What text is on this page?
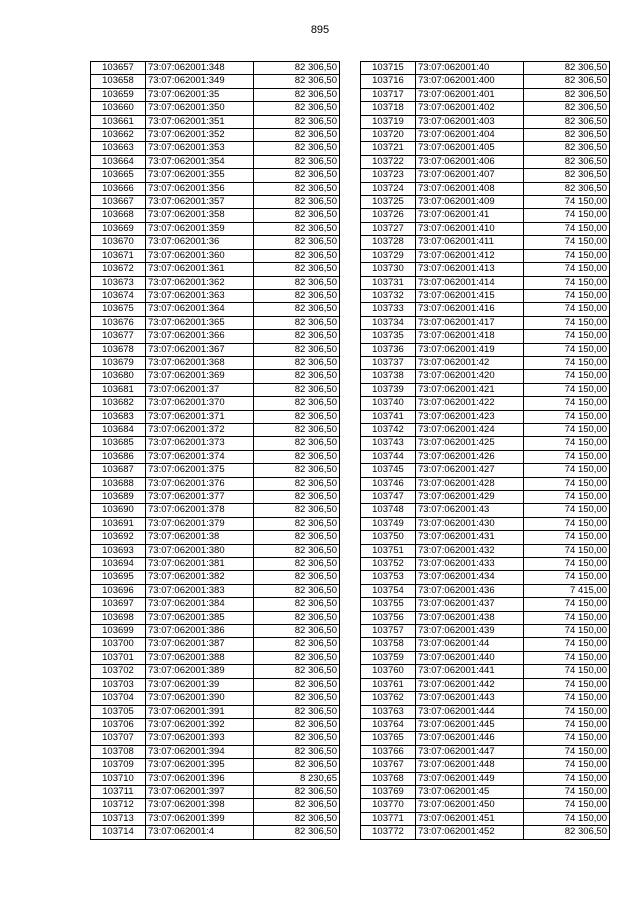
895
103657	73:07:062001:348	82 306,50
103658	73:07:062001:349	82 306,50
103659	73:07:062001:35	82 306,50
103660	73:07:062001:350	82 306,50
103661	73:07:062001:351	82 306,50
103662	73:07:062001:352	82 306,50
103663	73:07:062001:353	82 306,50
103664	73:07:062001:354	82 306,50
103665	73:07:062001:355	82 306,50
103666	73:07:062001:356	82 306,50
103667	73:07:062001:357	82 306,50
103668	73:07:062001:358	82 306,50
103669	73:07:062001:359	82 306,50
103670	73:07:062001:36	82 306,50
103671	73:07:062001:360	82 306,50
103672	73:07:062001:361	82 306,50
103673	73:07:062001:362	82 306,50
103674	73:07:062001:363	82 306,50
103675	73:07:062001:364	82 306,50
103676	73:07:062001:365	82 306,50
103677	73:07:062001:366	82 306,50
103678	73:07:062001:367	82 306,50
103679	73:07:062001:368	82 306,50
103680	73:07:062001:369	82 306,50
103681	73:07:062001:37	82 306,50
103682	73:07:062001:370	82 306,50
103683	73:07:062001:371	82 306,50
103684	73:07:062001:372	82 306,50
103685	73:07:062001:373	82 306,50
103686	73:07:062001:374	82 306,50
103687	73:07:062001:375	82 306,50
103688	73:07:062001:376	82 306,50
103689	73:07:062001:377	82 306,50
103690	73:07:062001:378	82 306,50
103691	73:07:062001:379	82 306,50
103692	73:07:062001:38	82 306,50
103693	73:07:062001:380	82 306,50
103694	73:07:062001:381	82 306,50
103695	73:07:062001:382	82 306,50
103696	73:07:062001:383	82 306,50
103697	73:07:062001:384	82 306,50
103698	73:07:062001:385	82 306,50
103699	73:07:062001:386	82 306,50
103700	73:07:062001:387	82 306,50
103701	73:07:062001:388	82 306,50
103702	73:07:062001:389	82 306,50
103703	73:07:062001:39	82 306,50
103704	73:07:062001:390	82 306,50
103705	73:07:062001:391	82 306,50
103706	73:07:062001:392	82 306,50
103707	73:07:062001:393	82 306,50
103708	73:07:062001:394	82 306,50
103709	73:07:062001:395	82 306,50
103710	73:07:062001:396	8 230,65
103711	73:07:062001:397	82 306,50
103712	73:07:062001:398	82 306,50
103713	73:07:062001:399	82 306,50
103714	73:07:062001:4	82 306,50
103715	73:07:062001:40	82 306,50
103716	73:07:062001:400	82 306,50
103717	73:07:062001:401	82 306,50
103718	73:07:062001:402	82 306,50
103719	73:07:062001:403	82 306,50
103720	73:07:062001:404	82 306,50
103721	73:07:062001:405	82 306,50
103722	73:07:062001:406	82 306,50
103723	73:07:062001:407	82 306,50
103724	73:07:062001:408	82 306,50
103725	73:07:062001:409	74 150,00
103726	73:07:062001:41	74 150,00
103727	73:07:062001:410	74 150,00
103728	73:07:062001:411	74 150,00
103729	73:07:062001:412	74 150,00
103730	73:07:062001:413	74 150,00
103731	73:07:062001:414	74 150,00
103732	73:07:062001:415	74 150,00
103733	73:07:062001:416	74 150,00
103734	73:07:062001:417	74 150,00
103735	73:07:062001:418	74 150,00
103736	73:07:062001:419	74 150,00
103737	73:07:062001:42	74 150,00
103738	73:07:062001:420	74 150,00
103739	73:07:062001:421	74 150,00
103740	73:07:062001:422	74 150,00
103741	73:07:062001:423	74 150,00
103742	73:07:062001:424	74 150,00
103743	73:07:062001:425	74 150,00
103744	73:07:062001:426	74 150,00
103745	73:07:062001:427	74 150,00
103746	73:07:062001:428	74 150,00
103747	73:07:062001:429	74 150,00
103748	73:07:062001:43	74 150,00
103749	73:07:062001:430	74 150,00
103750	73:07:062001:431	74 150,00
103751	73:07:062001:432	74 150,00
103752	73:07:062001:433	74 150,00
103753	73:07:062001:434	74 150,00
103754	73:07:062001:436	7 415,00
103755	73:07:062001:437	74 150,00
103756	73:07:062001:438	74 150,00
103757	73:07:062001:439	74 150,00
103758	73:07:062001:44	74 150,00
103759	73:07:062001:440	74 150,00
103760	73:07:062001:441	74 150,00
103761	73:07:062001:442	74 150,00
103762	73:07:062001:443	74 150,00
103763	73:07:062001:444	74 150,00
103764	73:07:062001:445	74 150,00
103765	73:07:062001:446	74 150,00
103766	73:07:062001:447	74 150,00
103767	73:07:062001:448	74 150,00
103768	73:07:062001:449	74 150,00
103769	73:07:062001:45	74 150,00
103770	73:07:062001:450	74 150,00
103771	73:07:062001:451	74 150,00
103772	73:07:062001:452	82 306,50
